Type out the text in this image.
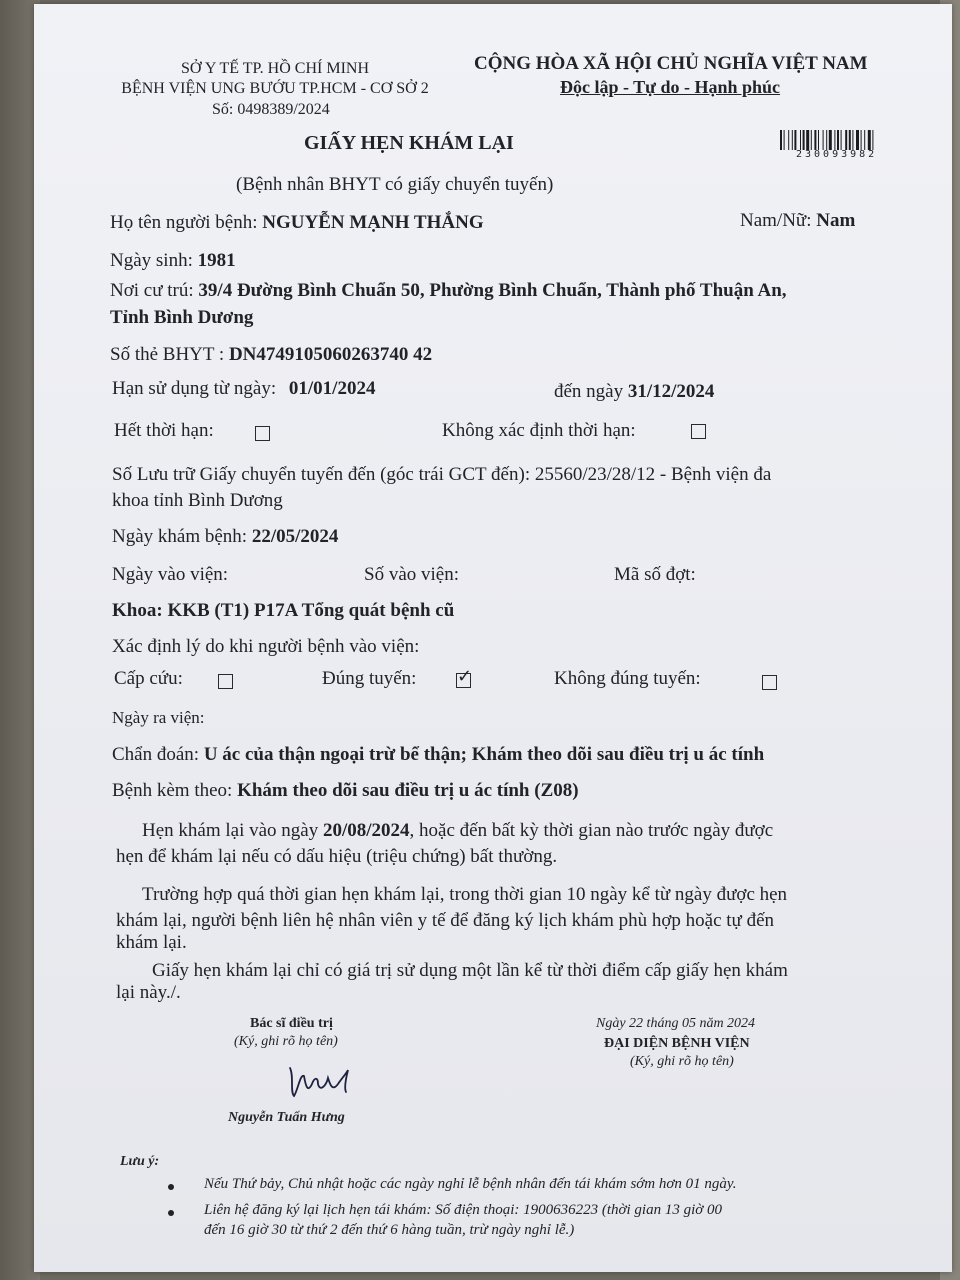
SỞ Y TẾ TP. HỒ CHÍ MINH
BỆNH VIỆN UNG BƯỚU TP.HCM - CƠ SỞ 2
Số: 0498389/2024
CỘNG HÒA XÃ HỘI CHỦ NGHĨA VIỆT NAM
Độc lập - Tự do - Hạnh phúc
230093982
GIẤY HẸN KHÁM LẠI
(Bệnh nhân BHYT có giấy chuyển tuyến)
Họ tên người bệnh: NGUYỄN MẠNH THẮNG	Nam/Nữ: Nam
Ngày sinh: 1981
Nơi cư trú: 39/4 Đường Bình Chuẩn 50, Phường Bình Chuẩn, Thành phố Thuận An,
Tỉnh Bình Dương
Số thẻ BHYT : DN4749105060263740 42
Hạn sử dụng từ ngày: 01/01/2024	đến ngày 31/12/2024
Hết thời hạn:	Không xác định thời hạn:
Số Lưu trữ Giấy chuyển tuyến đến (góc trái GCT đến): 25560/23/28/12 - Bệnh viện đa
khoa tỉnh Bình Dương
Ngày khám bệnh: 22/05/2024
Ngày vào viện:	Số vào viện:	Mã số đợt:
Khoa: KKB (T1) P17A Tổng quát bệnh cũ
Xác định lý do khi người bệnh vào viện:
Cấp cứu:	Đúng tuyến: ✓	Không đúng tuyến:
Ngày ra viện:
Chẩn đoán: U ác của thận ngoại trừ bể thận; Khám theo dõi sau điều trị u ác tính
Bệnh kèm theo: Khám theo dõi sau điều trị u ác tính (Z08)
Hẹn khám lại vào ngày 20/08/2024, hoặc đến bất kỳ thời gian nào trước ngày được
hẹn để khám lại nếu có dấu hiệu (triệu chứng) bất thường.
Trường hợp quá thời gian hẹn khám lại, trong thời gian 10 ngày kể từ ngày được hẹn
khám lại, người bệnh liên hệ nhân viên y tế để đăng ký lịch khám phù hợp hoặc tự đến
khám lại.
Giấy hẹn khám lại chỉ có giá trị sử dụng một lần kể từ thời điểm cấp giấy hẹn khám
lại này./.
Bác sĩ điều trị
(Ký, ghi rõ họ tên)
Nguyễn Tuấn Hưng
Ngày 22 tháng 05 năm 2024
ĐẠI DIỆN BỆNH VIỆN
(Ký, ghi rõ họ tên)
Lưu ý:
Nếu Thứ bảy, Chủ nhật hoặc các ngày nghỉ lễ bệnh nhân đến tái khám sớm hơn 01 ngày.
Liên hệ đăng ký lại lịch hẹn tái khám: Số điện thoại: 1900636223 (thời gian 13 giờ 00
đến 16 giờ 30 từ thứ 2 đến thứ 6 hàng tuần, trừ ngày nghỉ lễ.)
